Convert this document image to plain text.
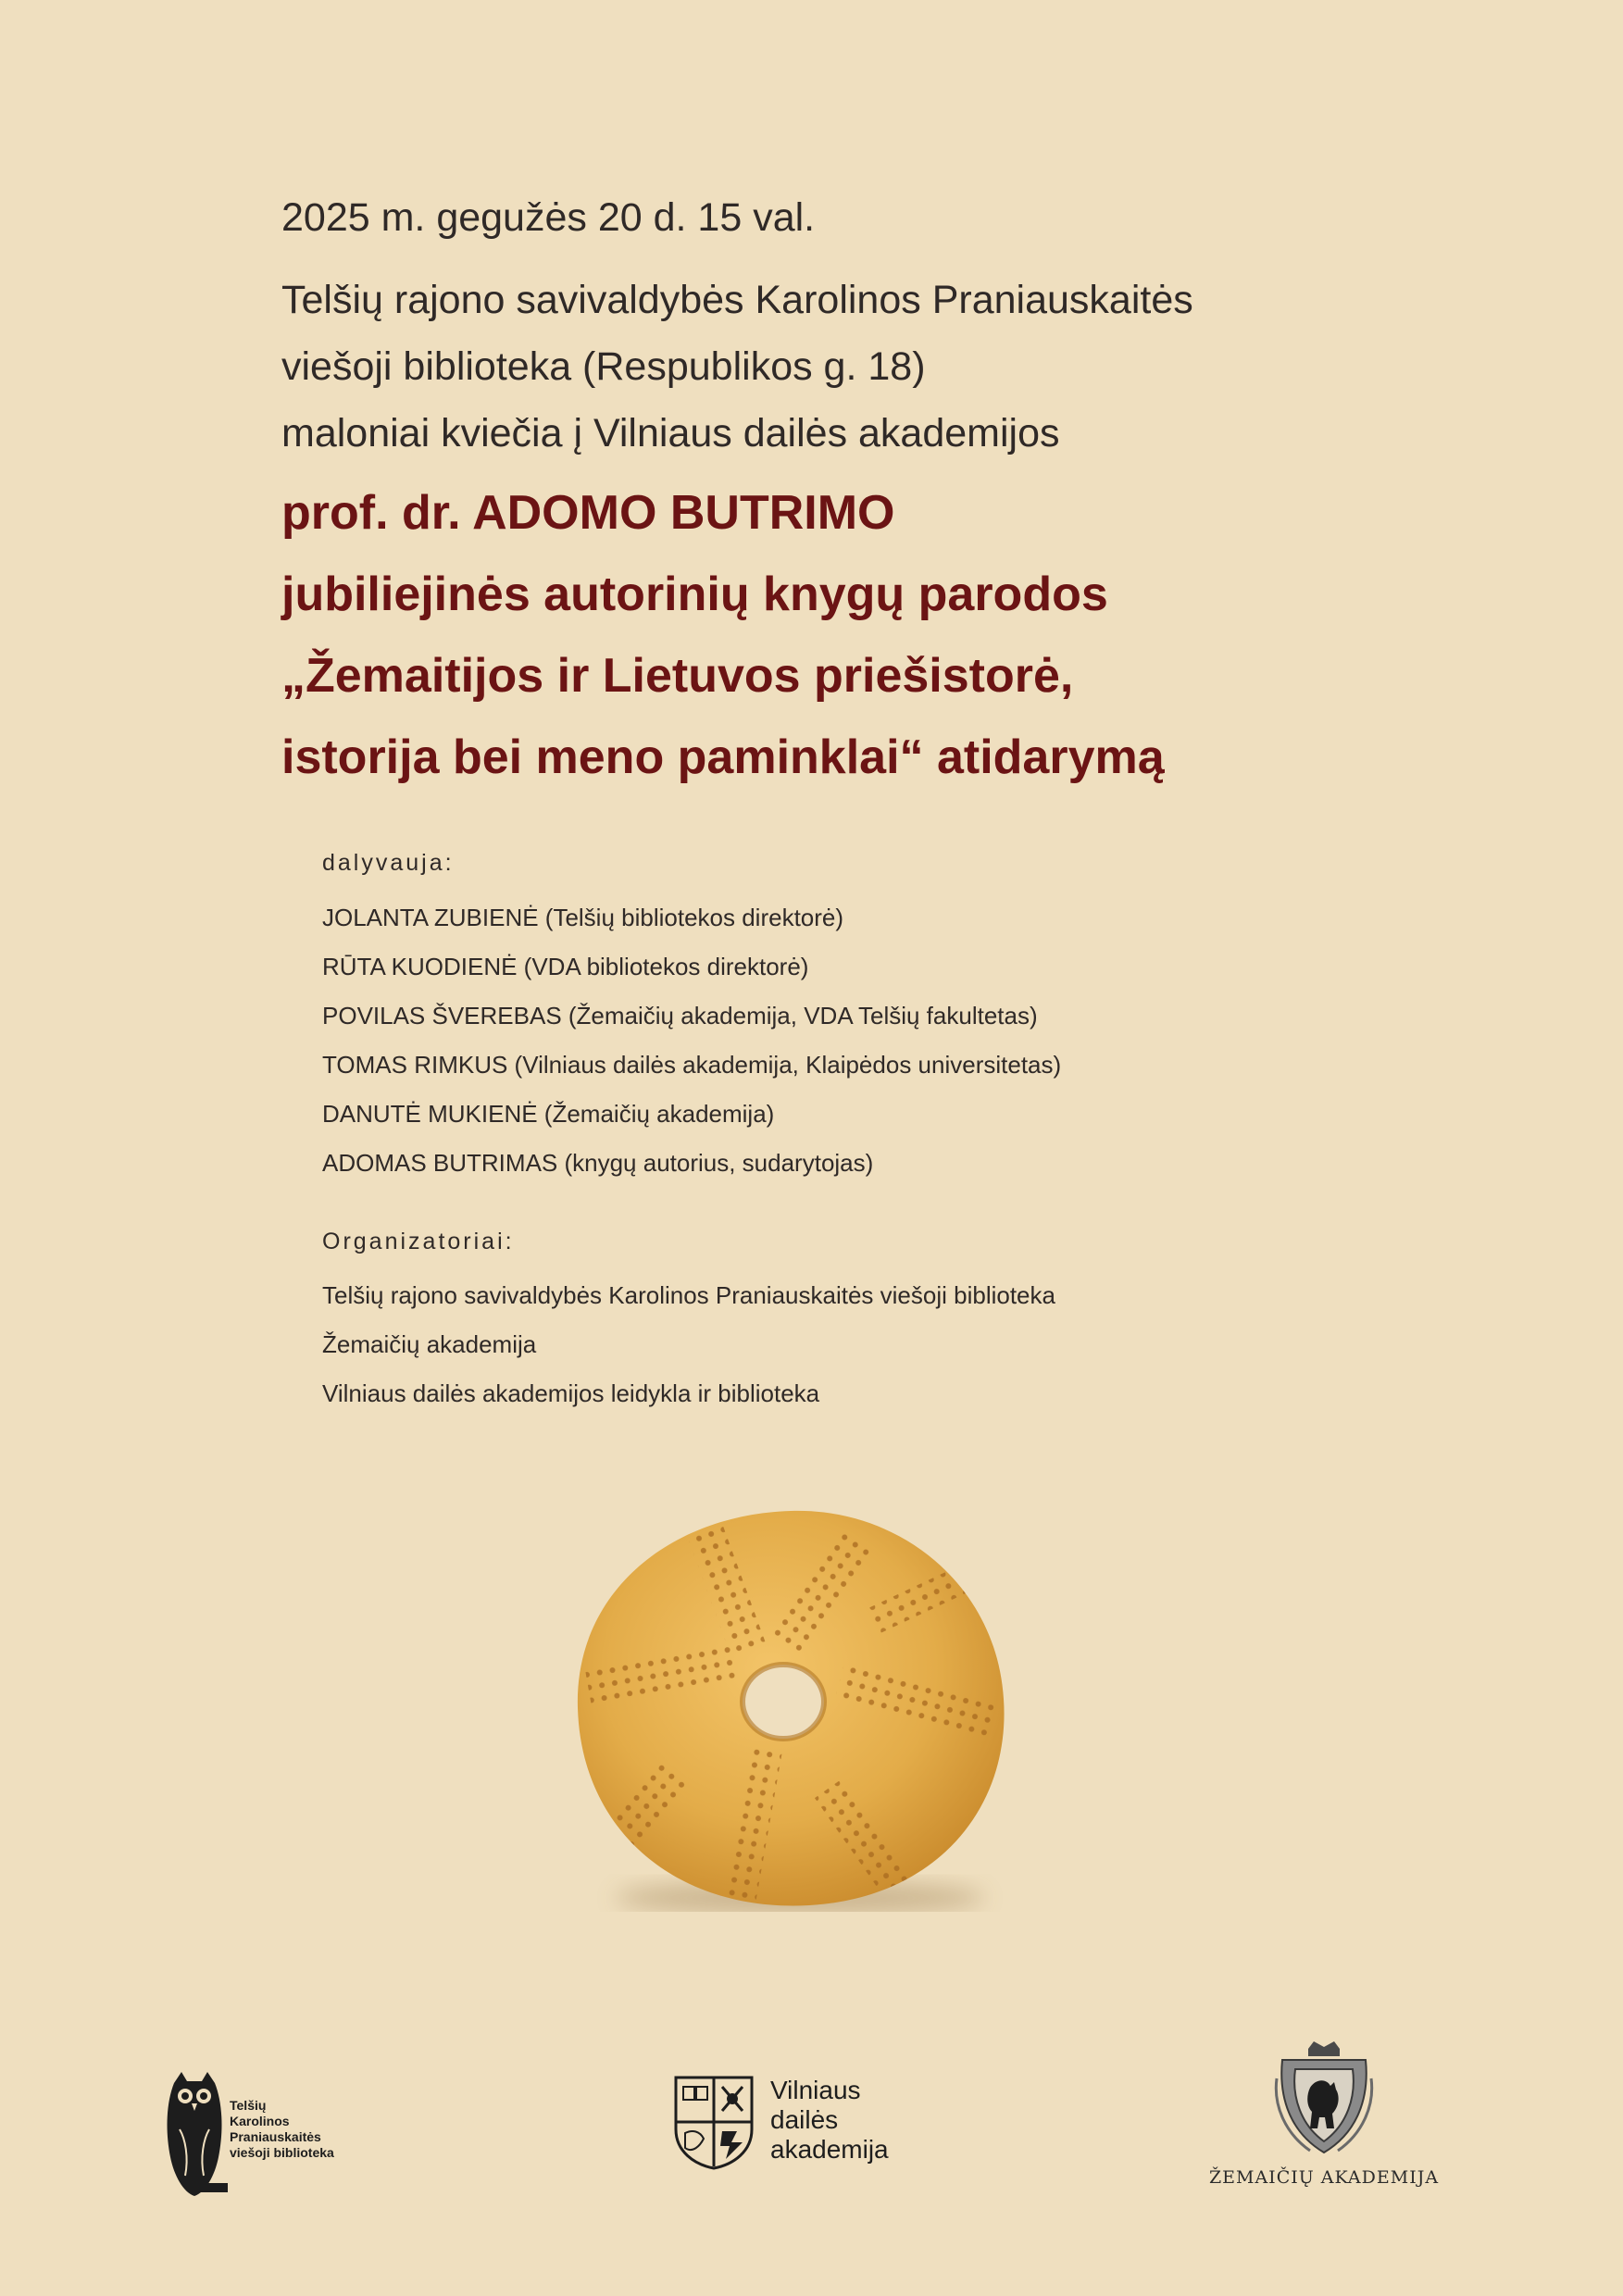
2025 m. gegužės 20 d. 15 val.
Telšių rajono savivaldybės Karolinos Praniauskaitės
viešoji biblioteka (Respublikos g. 18)
maloniai kviečia į Vilniaus dailės akademijos
prof. dr. ADOMO BUTRIMO
jubiliejinės autorinių knygų parodos
„Žemaitijos ir Lietuvos priešistorė,
istorija bei meno paminklai“ atidarymą
dalyvauja:
JOLANTA ZUBIENĖ (Telšių bibliotekos direktorė)
RŪTA KUODIENĖ (VDA bibliotekos direktorė)
POVILAS ŠVEREBAS (Žemaičių akademija, VDA Telšių fakultetas)
TOMAS RIMKUS (Vilniaus dailės akademija, Klaipėdos universitetas)
DANUTĖ MUKIENĖ (Žemaičių akademija)
ADOMAS BUTRIMAS (knygų autorius, sudarytojas)
Organizatoriai:
Telšių rajono savivaldybės Karolinos Praniauskaitės viešoji biblioteka
Žemaičių akademija
Vilniaus dailės akademijos leidykla ir biblioteka
Telšių
Karolinos
Praniauskaitės
viešoji biblioteka
Vilniaus
dailės
akademija
ŽEMAIČIŲ AKADEMIJA
